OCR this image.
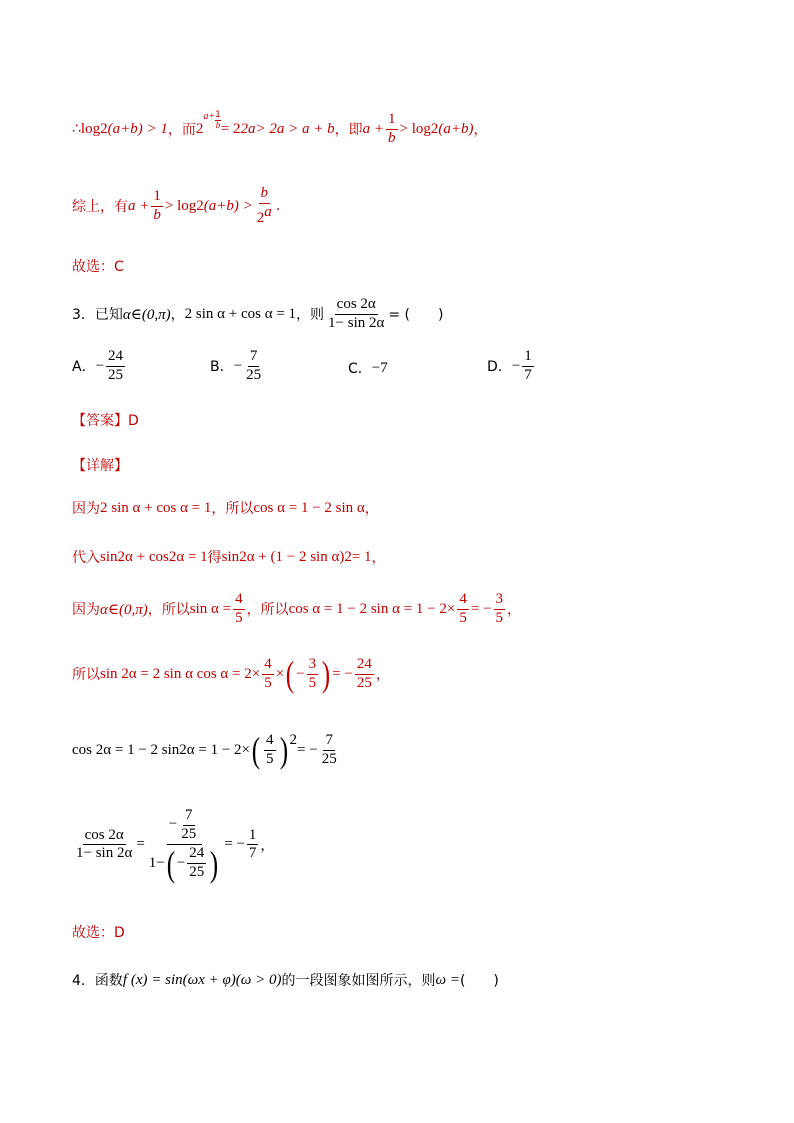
∴ log 2 (a+b) > 1 ，而 2
$a+ \frac{1}{b} = 2$ 2a > 2a > a + b ，即 $a + \frac{1}{b} > \log 2$ (a+b) ，
综上，有 $a + \frac{1}{b} > \log 2$ $(a+b) > \frac{b}{2^a}$ .
故选：C
3．已知 α∈(0,π) ， 2 sin α + cos α = 1 ，则 $\frac{\cos 2\alpha}{1- \sin 2\alpha}$ = (　　)
A． − $\frac{24}{25}$	B． − $\frac{7}{25}$	C． −7	D． − $\frac{1}{7}$
【答案】D
【详解】
因为 2 sin α + cos α = 1 ，所以 cos α = 1 − 2 sin α ，
代入 sin 2 α + cos 2 α = 1 得 sin 2 α + (1 − 2 sin α) 2 = 1 ，
因为 α∈(0,π) ，所以 $\sin \alpha = \frac{4}{5}$ ，所以 cos α = 1 − 2 $\sin \alpha = 1 - 2\times \frac{4}{5}$ = − $\frac{3}{5}$ ，
所以 sin 2α = 2 sin α $\cos \alpha = 2\times \frac{4}{5}$ × ( − $\frac{3}{5}$ ) = − $\frac{24}{25}$ ，
cos 2α = 1 − 2 sin 2 α = 1 − 2× ( $\frac{4}{5} )^2$
= − $\frac{7}{25}$
$\frac{\cos 2\alpha}{1- \sin 2\alpha}$ =
− $\frac{7}{25}$
1− ( − $\frac{24}{25}$ ) = − $\frac{1}{7}$ ，
故选：D
4．函数 f (x) = sin(ωx + φ)(ω > 0) 的一段图象如图所示，则 ω = (　　)
